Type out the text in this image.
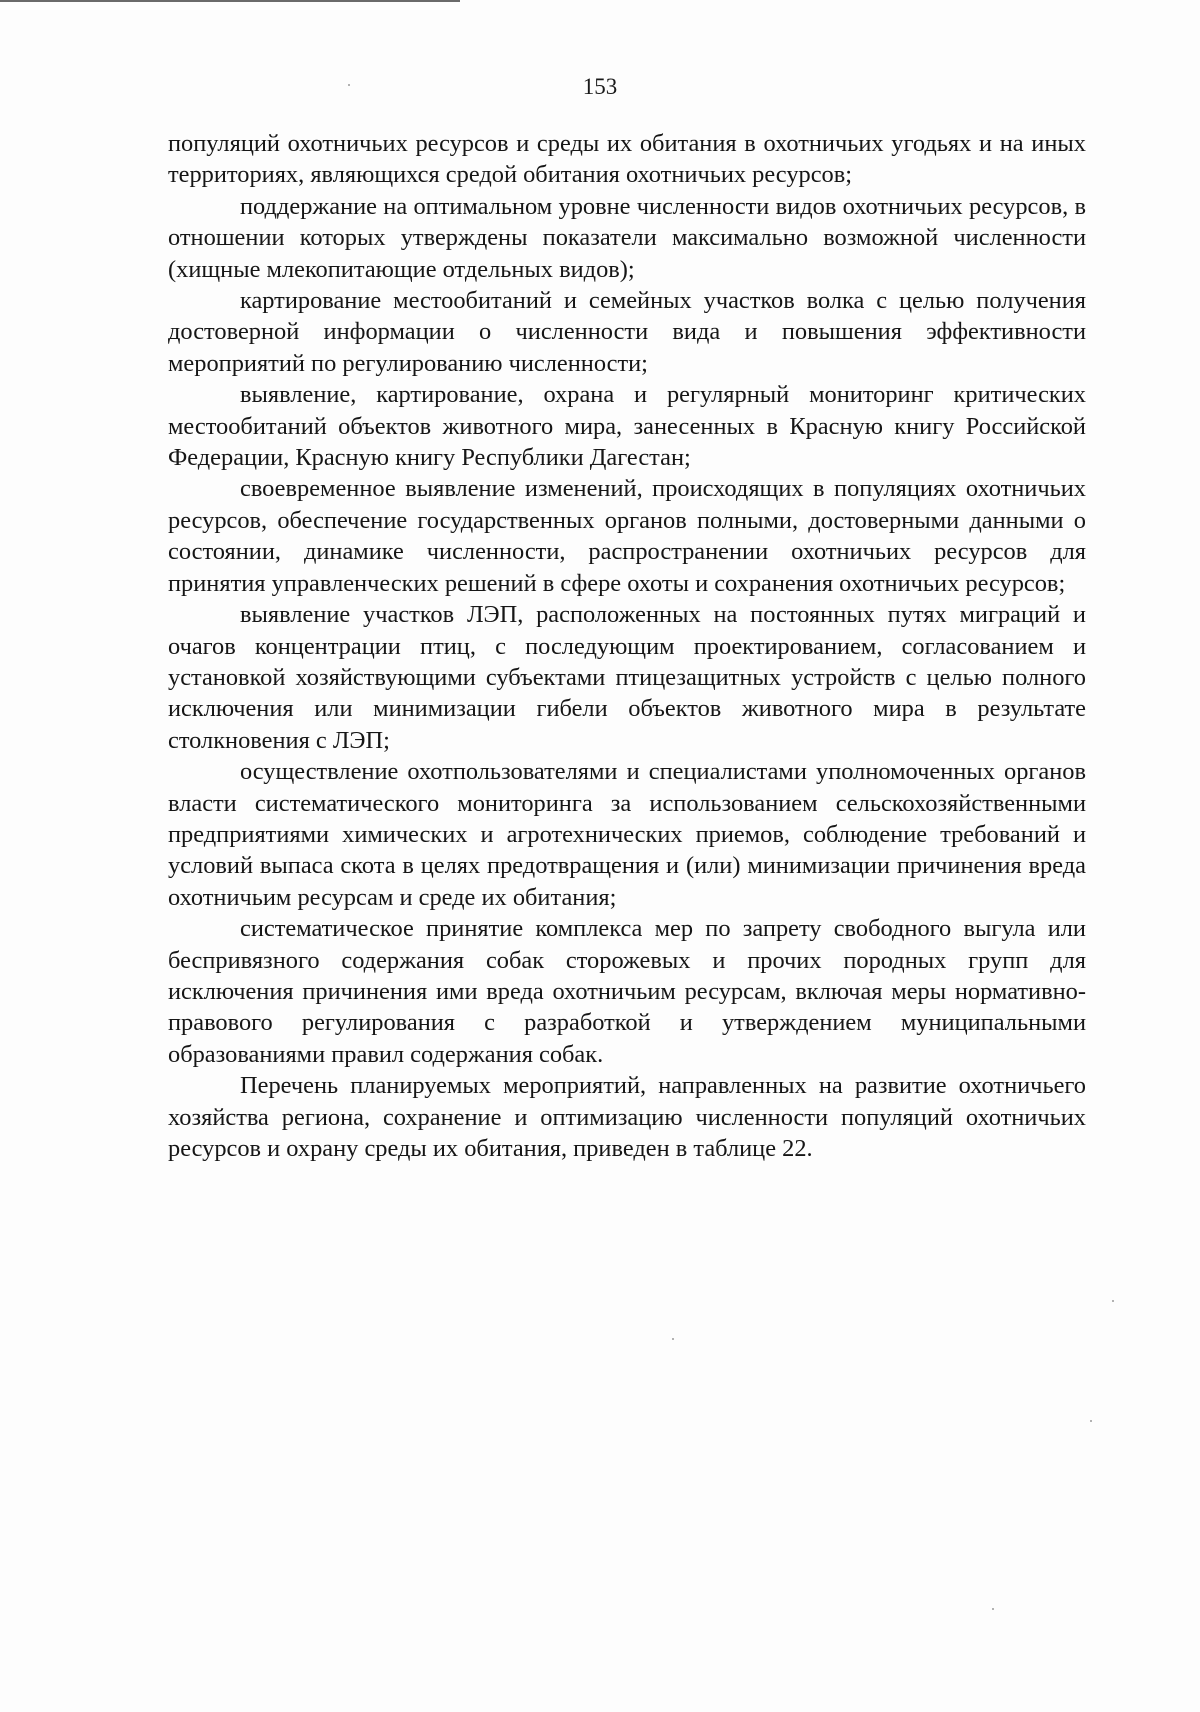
153

популяций охотничьих ресурсов и среды их обитания в охотничьих угодьях и на иных территориях, являющихся средой обитания охотничьих ресурсов;

поддержание на оптимальном уровне численности видов охотничьих ресурсов, в отношении которых утверждены показатели максимально возможной численности (хищные млекопитающие отдельных видов);

картирование местообитаний и семейных участков волка с целью получения достоверной информации о численности вида и повышения эффективности мероприятий по регулированию численности;

выявление, картирование, охрана и регулярный мониторинг критических местообитаний объектов животного мира, занесенных в Красную книгу Российской Федерации, Красную книгу Республики Дагестан;

своевременное выявление изменений, происходящих в популяциях охотничьих ресурсов, обеспечение государственных органов полными, достоверными данными о состоянии, динамике численности, распространении охотничьих ресурсов для принятия управленческих решений в сфере охоты и сохранения охотничьих ресурсов;

выявление участков ЛЭП, расположенных на постоянных путях миграций и очагов концентрации птиц, с последующим проектированием, согласованием и установкой хозяйствующими субъектами птицезащитных устройств с целью полного исключения или минимизации гибели объектов животного мира в результате столкновения с ЛЭП;

осуществление охотпользователями и специалистами уполномоченных органов власти систематического мониторинга за использованием сельскохозяйственными предприятиями химических и агротехнических приемов, соблюдение требований и условий выпаса скота в целях предотвращения и (или) минимизации причинения вреда охотничьим ресурсам и среде их обитания;

систематическое принятие комплекса мер по запрету свободного выгула или беспривязного содержания собак сторожевых и прочих породных групп для исключения причинения ими вреда охотничьим ресурсам, включая меры нормативно-правового регулирования с разработкой и утверждением муниципальными образованиями правил содержания собак.

Перечень планируемых мероприятий, направленных на развитие охотничьего хозяйства региона, сохранение и оптимизацию численности популяций охотничьих ресурсов и охрану среды их обитания, приведен в таблице 22.
